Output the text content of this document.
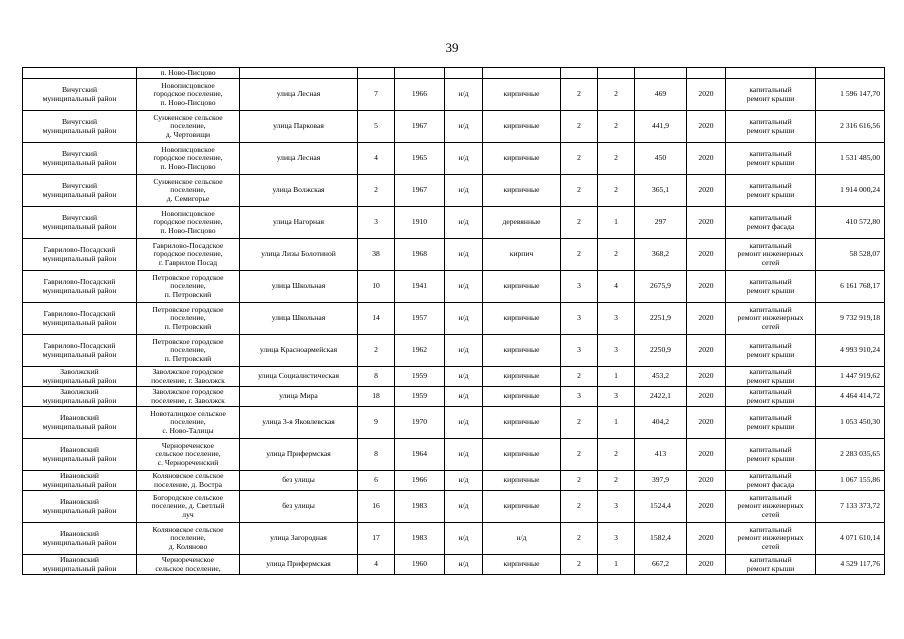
39
	п. Ново-Писцово											
Вичугский
муниципальный район	Новописцовское
городское поселение,
п. Ново-Писцово	улица Лесная	7	1966	н/д	кирпичные	2	2	469	2020	капитальный
ремонт крыши	1 596 147,70
Вичугский
муниципальный район	Сунженское сельское
поселение,
д. Чертовищи	улица Парковая	5	1967	н/д	кирпичные	2	2	441,9	2020	капитальный
ремонт крыши	2 316 616,56
Вичугский
муниципальный район	Новописцовское
городское поселение,
п. Ново-Писцово	улица Лесная	4	1965	н/д	кирпичные	2	2	450	2020	капитальный
ремонт крыши	1 531 485,00
Вичугский
муниципальный район	Сунженское сельское
поселение,
д. Семигорье	улица Волжская	2	1967	н/д	кирпичные	2	2	365,1	2020	капитальный
ремонт крыши	1 914 000,24
Вичугский
муниципальный район	Новописцовское
городское поселение,
п. Ново-Писцово	улица Нагорная	3	1910	н/д	деревянные	2	1	297	2020	капитальный
ремонт фасада	410 572,80
Гаврилово-Посадский
муниципальный район	Гаврилово-Посадское
городское поселение,
г. Гаврилов Посад	улица Лизы Болотиной	38	1968	н/д	кирпич	2	2	368,2	2020	капитальный
ремонт инженерных
сетей	58 528,07
Гаврилово-Посадский
муниципальный район	Петровское городское
поселение,
п. Петровский	улица Школьная	10	1941	н/д	кирпичные	3	4	2675,9	2020	капитальный
ремонт крыши	6 161 768,17
Гаврилово-Посадский
муниципальный район	Петровское городское
поселение,
п. Петровский	улица Школьная	14	1957	н/д	кирпичные	3	3	2251,9	2020	капитальный
ремонт инженерных
сетей	9 732 919,18
Гаврилово-Посадский
муниципальный район	Петровское городское
поселение,
п. Петровский	улица Красноармейская	2	1962	н/д	кирпичные	3	3	2250,9	2020	капитальный
ремонт крыши	4 993 910,24
Заволжский
муниципальный район	Заволжское городское
поселение, г. Заволжск	улица Социалистическая	8	1959	н/д	кирпичные	2	1	453,2	2020	капитальный
ремонт крыши	1 447 919,62
Заволжский
муниципальный район	Заволжское городское
поселение, г. Заволжск	улица Мира	18	1959	н/д	кирпичные	3	3	2422,1	2020	капитальный
ремонт крыши	4 464 414,72
Ивановский
муниципальный район	Новоталицкое сельское
поселение,
с. Ново-Талицы	улица 3-я Яковлевская	9	1970	н/д	кирпичные	2	1	404,2	2020	капитальный
ремонт крыши	1 053 450,30
Ивановский
муниципальный район	Чернореченское
сельское поселение,
с. Чернореченский	улица Прифермская	8	1964	н/д	кирпичные	2	2	413	2020	капитальный
ремонт крыши	2 283 035,65
Ивановский
муниципальный район	Коляновское сельское
поселение, д. Востра	без улицы	6	1966	н/д	кирпичные	2	2	397,9	2020	капитальный
ремонт фасада	1 067 155,86
Ивановский
муниципальный район	Богородское сельское
поселение, д. Светлый
луч	без улицы	16	1983	н/д	кирпичные	2	3	1524,4	2020	капитальный
ремонт инженерных
сетей	7 133 373,72
Ивановский
муниципальный район	Коляновское сельское
поселение,
д. Коляново	улица Загородная	17	1983	н/д	н/д	2	3	1582,4	2020	капитальный
ремонт инженерных
сетей	4 071 610,14
Ивановский
муниципальный район	Чернореченское
сельское поселение,	улица Прифермская	4	1960	н/д	кирпичные	2	1	667,2	2020	капитальный
ремонт крыши	4 529 117,76
